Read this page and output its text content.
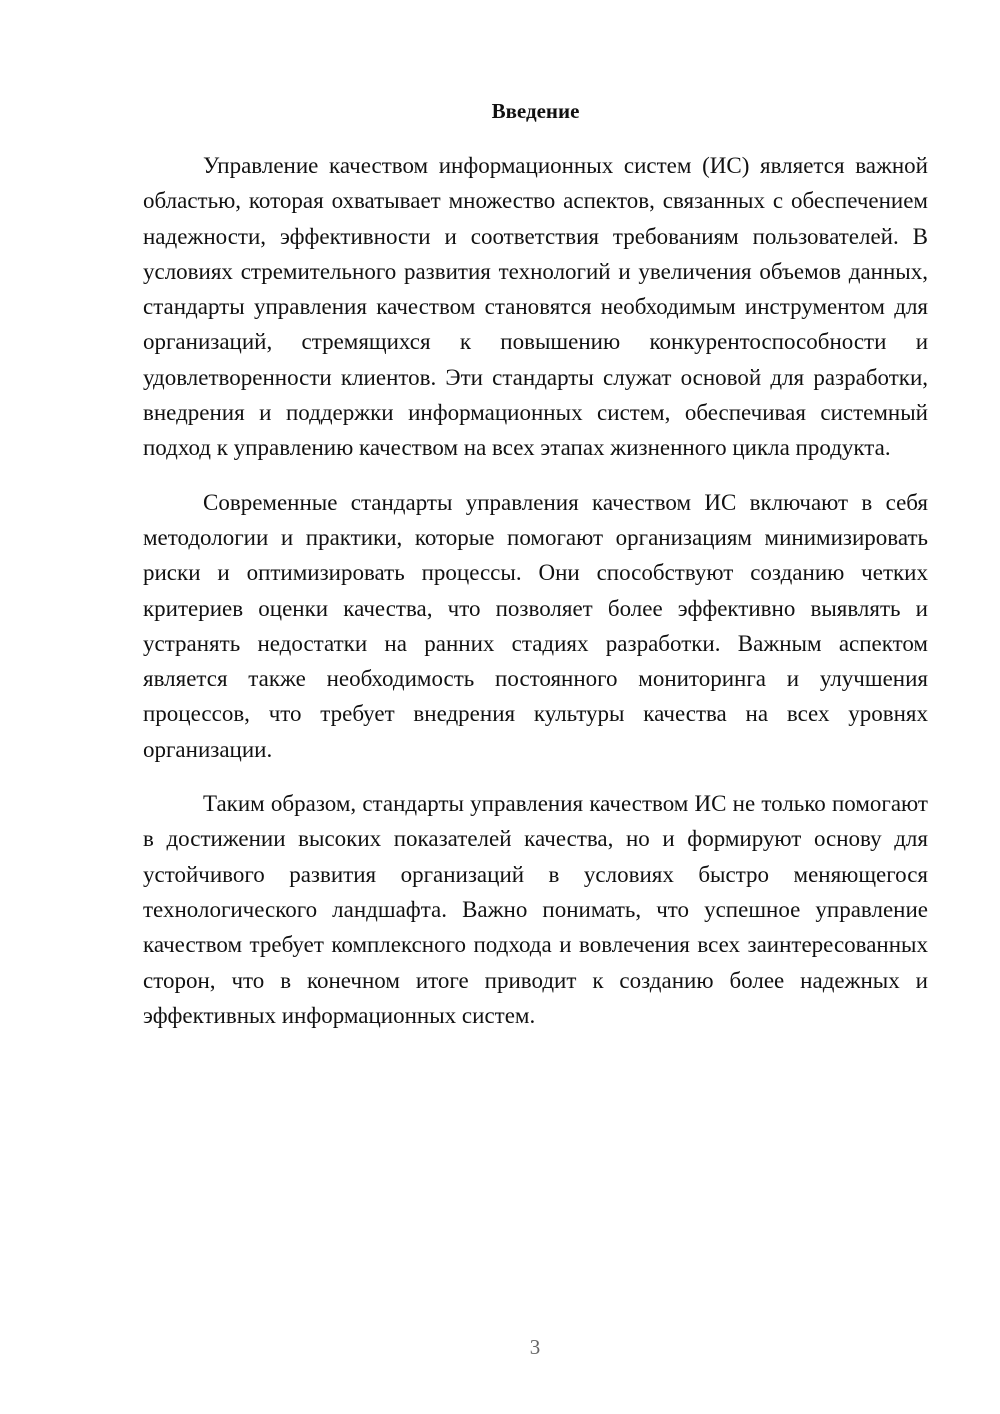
Введение

Управление качеством информационных систем (ИС) является важной областью, которая охватывает множество аспектов, связанных с обеспечением надежности, эффективности и соответствия требованиям пользователей. В условиях стремительного развития технологий и увеличения объемов данных, стандарты управления качеством становятся необходимым инструментом для организаций, стремящихся к повышению конкурентоспособности и удовлетворенности клиентов. Эти стандарты служат основой для разработки, внедрения и поддержки информационных систем, обеспечивая системный подход к управлению качеством на всех этапах жизненного цикла продукта.

Современные стандарты управления качеством ИС включают в себя методологии и практики, которые помогают организациям минимизировать риски и оптимизировать процессы. Они способствуют созданию четких критериев оценки качества, что позволяет более эффективно выявлять и устранять недостатки на ранних стадиях разработки. Важным аспектом является также необходимость постоянного мониторинга и улучшения процессов, что требует внедрения культуры качества на всех уровнях организации.

Таким образом, стандарты управления качеством ИС не только помогают в достижении высоких показателей качества, но и формируют основу для устойчивого развития организаций в условиях быстро меняющегося технологического ландшафта. Важно понимать, что успешное управление качеством требует комплексного подхода и вовлечения всех заинтересованных сторон, что в конечном итоге приводит к созданию более надежных и эффективных информационных систем.

3
